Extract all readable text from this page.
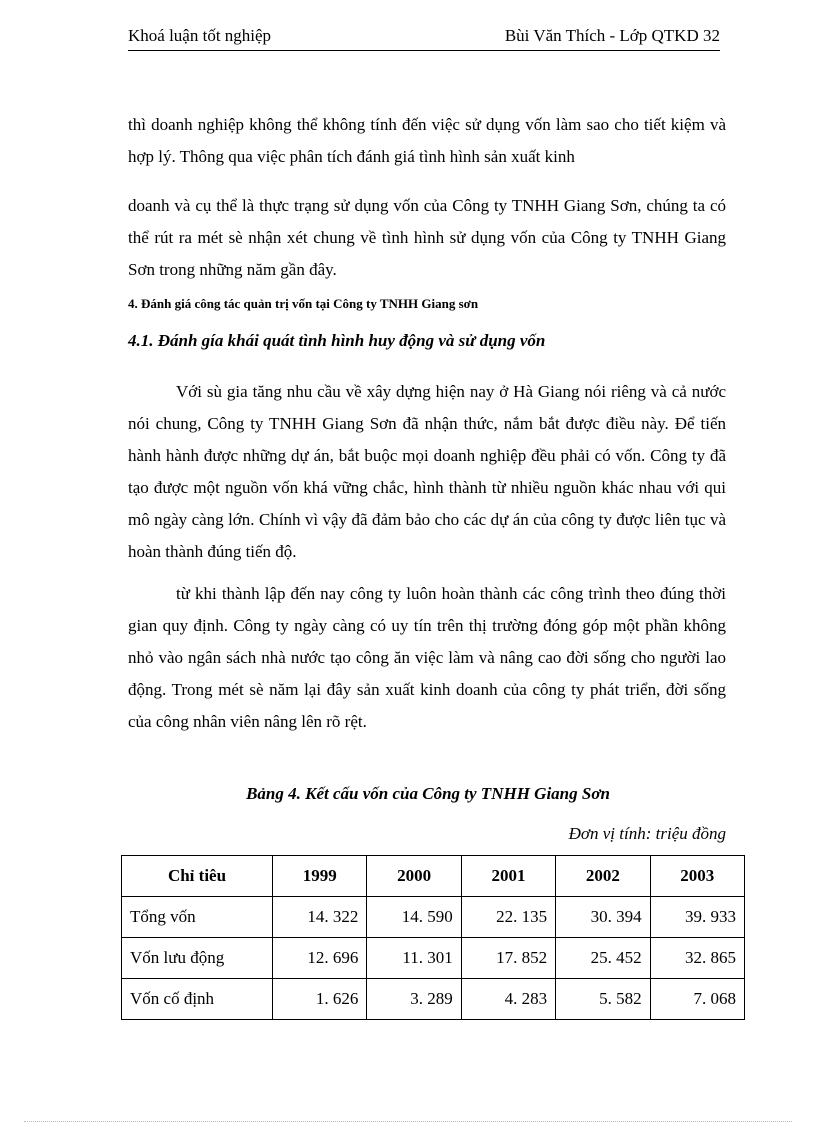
Khoá luận tốt nghiệp	Bùi Văn Thích - Lớp QTKD 32

thì doanh nghiệp không thể không tính đến việc sử dụng vốn làm sao cho tiết kiệm và hợp lý. Thông qua việc phân tích đánh giá tình hình sản xuất kinh

doanh và cụ thể là thực trạng sử dụng vốn của Công ty TNHH Giang Sơn, chúng ta có thể rút ra mét sè nhận xét chung về tình hình sử dụng vốn của Công ty TNHH Giang Sơn trong những năm gần đây.

4. Đánh giá công tác quản trị vốn tại Công ty TNHH Giang sơn

4.1. Đánh gía khái quát tình hình huy động và sử dụng vốn

Với sù gia tăng nhu cầu về xây dựng hiện nay ở Hà Giang nói riêng và cả nước nói chung, Công ty TNHH Giang Sơn đã nhận thức, nắm bắt được điều này. Để tiến hành hành được những dự án, bắt buộc mọi doanh nghiệp đều phải có vốn. Công ty đã tạo được một nguồn vốn khá vững chắc, hình thành từ nhiều nguồn khác nhau với qui mô ngày càng lớn. Chính vì vậy đã đảm bảo cho các dự án của công ty được liên tục và hoàn thành đúng tiến độ.

từ khi thành lập đến nay công ty luôn hoàn thành các công trình theo đúng thời gian quy định. Công ty ngày càng có uy tín trên thị trường đóng góp một phần không nhỏ vào ngân sách nhà nước tạo công ăn việc làm và nâng cao đời sống cho người lao động. Trong mét sè năm lại đây sản xuất kinh doanh của công ty phát triển, đời sống của công nhân viên nâng lên rõ rệt.

Bảng 4. Kết cấu vốn của Công ty TNHH Giang Sơn

Đơn vị tính: triệu đồng

Chỉ tiêu	1999	2000	2001	2002	2003
Tổng vốn	14. 322	14. 590	22. 135	30. 394	39. 933
Vốn lưu động	12. 696	11. 301	17. 852	25. 452	32. 865
Vốn cố định	1. 626	3. 289	4. 283	5. 582	7. 068
